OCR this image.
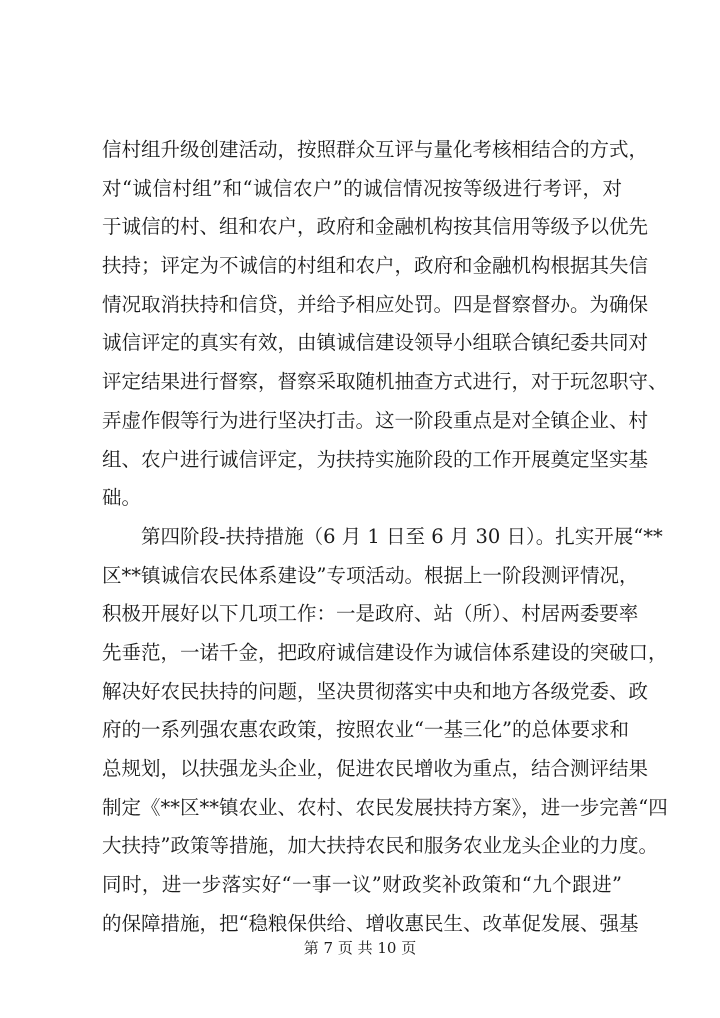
信村组升级创建活动，按照群众互评与量化考核相结合的方式，
对“诚信村组”和“诚信农户”的诚信情况按等级进行考评，对
于诚信的村、组和农户，政府和金融机构按其信用等级予以优先
扶持；评定为不诚信的村组和农户，政府和金融机构根据其失信
情况取消扶持和信贷，并给予相应处罚。四是督察督办。为确保
诚信评定的真实有效，由镇诚信建设领导小组联合镇纪委共同对
评定结果进行督察，督察采取随机抽查方式进行，对于玩忽职守、
弄虚作假等行为进行坚决打击。这一阶段重点是对全镇企业、村
组、农户进行诚信评定，为扶持实施阶段的工作开展奠定坚实基
础。
第四阶段-扶持措施（6 月 1 日至 6 月 30 日）。扎实开展“**
区**镇诚信农民体系建设”专项活动。根据上一阶段测评情况，
积极开展好以下几项工作：一是政府、站（所）、村居两委要率
先垂范，一诺千金，把政府诚信建设作为诚信体系建设的突破口，
解决好农民扶持的问题，坚决贯彻落实中央和地方各级党委、政
府的一系列强农惠农政策，按照农业“一基三化”的总体要求和
总规划，以扶强龙头企业，促进农民增收为重点，结合测评结果
制定《**区**镇农业、农村、农民发展扶持方案》，进一步完善“四
大扶持”政策等措施，加大扶持农民和服务农业龙头企业的力度。
同时，进一步落实好“一事一议”财政奖补政策和“九个跟进”
的保障措施，把“稳粮保供给、增收惠民生、改革促发展、强基
第 7 页 共 10 页
